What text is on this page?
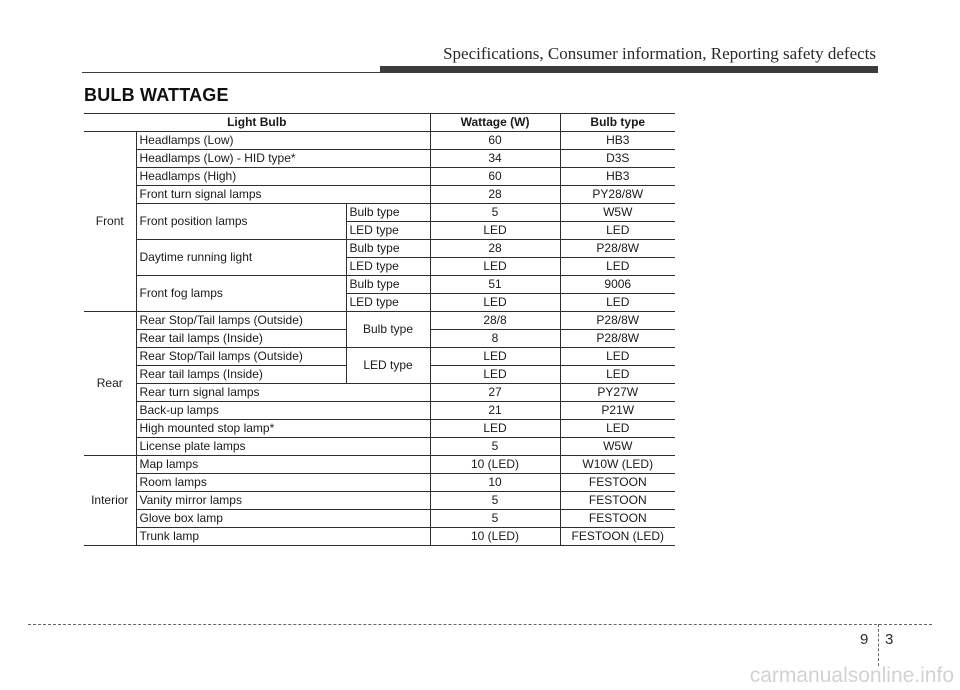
Specifications, Consumer information, Reporting safety defects
BULB WATTAGE
Light Bulb			Wattage (W)	Bulb type
Front	Headlamps (Low)		60	HB3
	Headlamps (Low) - HID type*		34	D3S
	Headlamps (High)		60	HB3
	Front turn signal lamps		28	PY28/8W
	Front position lamps	Bulb type	5	W5W
		LED type	LED	LED
	Daytime running light	Bulb type	28	P28/8W
		LED type	LED	LED
	Front fog lamps	Bulb type	51	9006
		LED type	LED	LED
Rear	Rear Stop/Tail lamps (Outside)	Bulb type	28/8	P28/8W
	Rear tail lamps (Inside)		8	P28/8W
	Rear Stop/Tail lamps (Outside)	LED type	LED	LED
	Rear tail lamps (Inside)		LED	LED
	Rear turn signal lamps		27	PY27W
	Back-up lamps		21	P21W
	High mounted stop lamp*		LED	LED
	License plate lamps		5	W5W
Interior	Map lamps		10 (LED)	W10W (LED)
	Room lamps		10	FESTOON
	Vanity mirror lamps		5	FESTOON
	Glove box lamp		5	FESTOON
	Trunk lamp		10 (LED)	FESTOON (LED)
9 3
carmanualsonline.info
